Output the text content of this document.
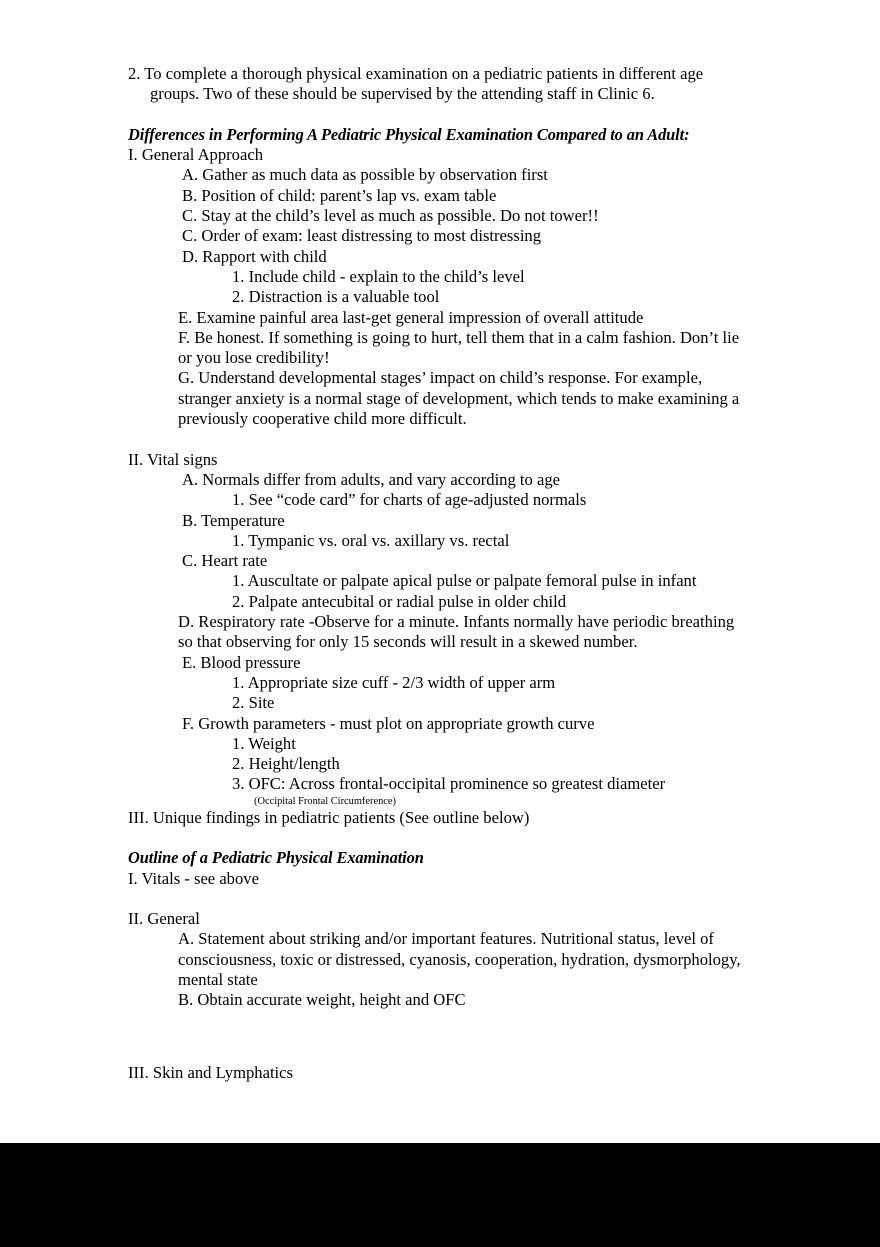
2. To complete a thorough physical examination on a pediatric patients in different age groups. Two of these should be supervised by the attending staff in Clinic 6.

Differences in Performing A Pediatric Physical Examination Compared to an Adult:

I. General Approach

A. Gather as much data as possible by observation first

B. Position of child: parent’s lap vs. exam table

C. Stay at the child’s level as much as possible. Do not tower!!

C. Order of exam: least distressing to most distressing

D. Rapport with child

1. Include child - explain to the child’s level

2. Distraction is a valuable tool

E. Examine painful area last-get general impression of overall attitude

F. Be honest. If something is going to hurt, tell them that in a calm fashion. Don’t lie or you lose credibility!

G. Understand developmental stages’ impact on child’s response. For example, stranger anxiety is a normal stage of development, which tends to make examining a previously cooperative child more difficult.

II. Vital signs

A. Normals differ from adults, and vary according to age

1. See “code card” for charts of age-adjusted normals

B. Temperature

1. Tympanic vs. oral vs. axillary vs. rectal

C. Heart rate

1. Auscultate or palpate apical pulse or palpate femoral pulse in infant

2. Palpate antecubital or radial pulse in older child

D. Respiratory rate -Observe for a minute. Infants normally have periodic breathing so that observing for only 15 seconds will result in a skewed number.

E. Blood pressure

1. Appropriate size cuff - 2/3 width of upper arm

2. Site

F. Growth parameters - must plot on appropriate growth curve

1. Weight

2. Height/length

3. OFC: Across frontal-occipital prominence so greatest diameter

(Occipital Frontal Circumference)

III. Unique findings in pediatric patients (See outline below)

Outline of a Pediatric Physical Examination

I. Vitals - see above

II. General

A. Statement about striking and/or important features. Nutritional status, level of consciousness, toxic or distressed, cyanosis, cooperation, hydration, dysmorphology, mental state

B. Obtain accurate weight, height and OFC

III. Skin and Lymphatics
